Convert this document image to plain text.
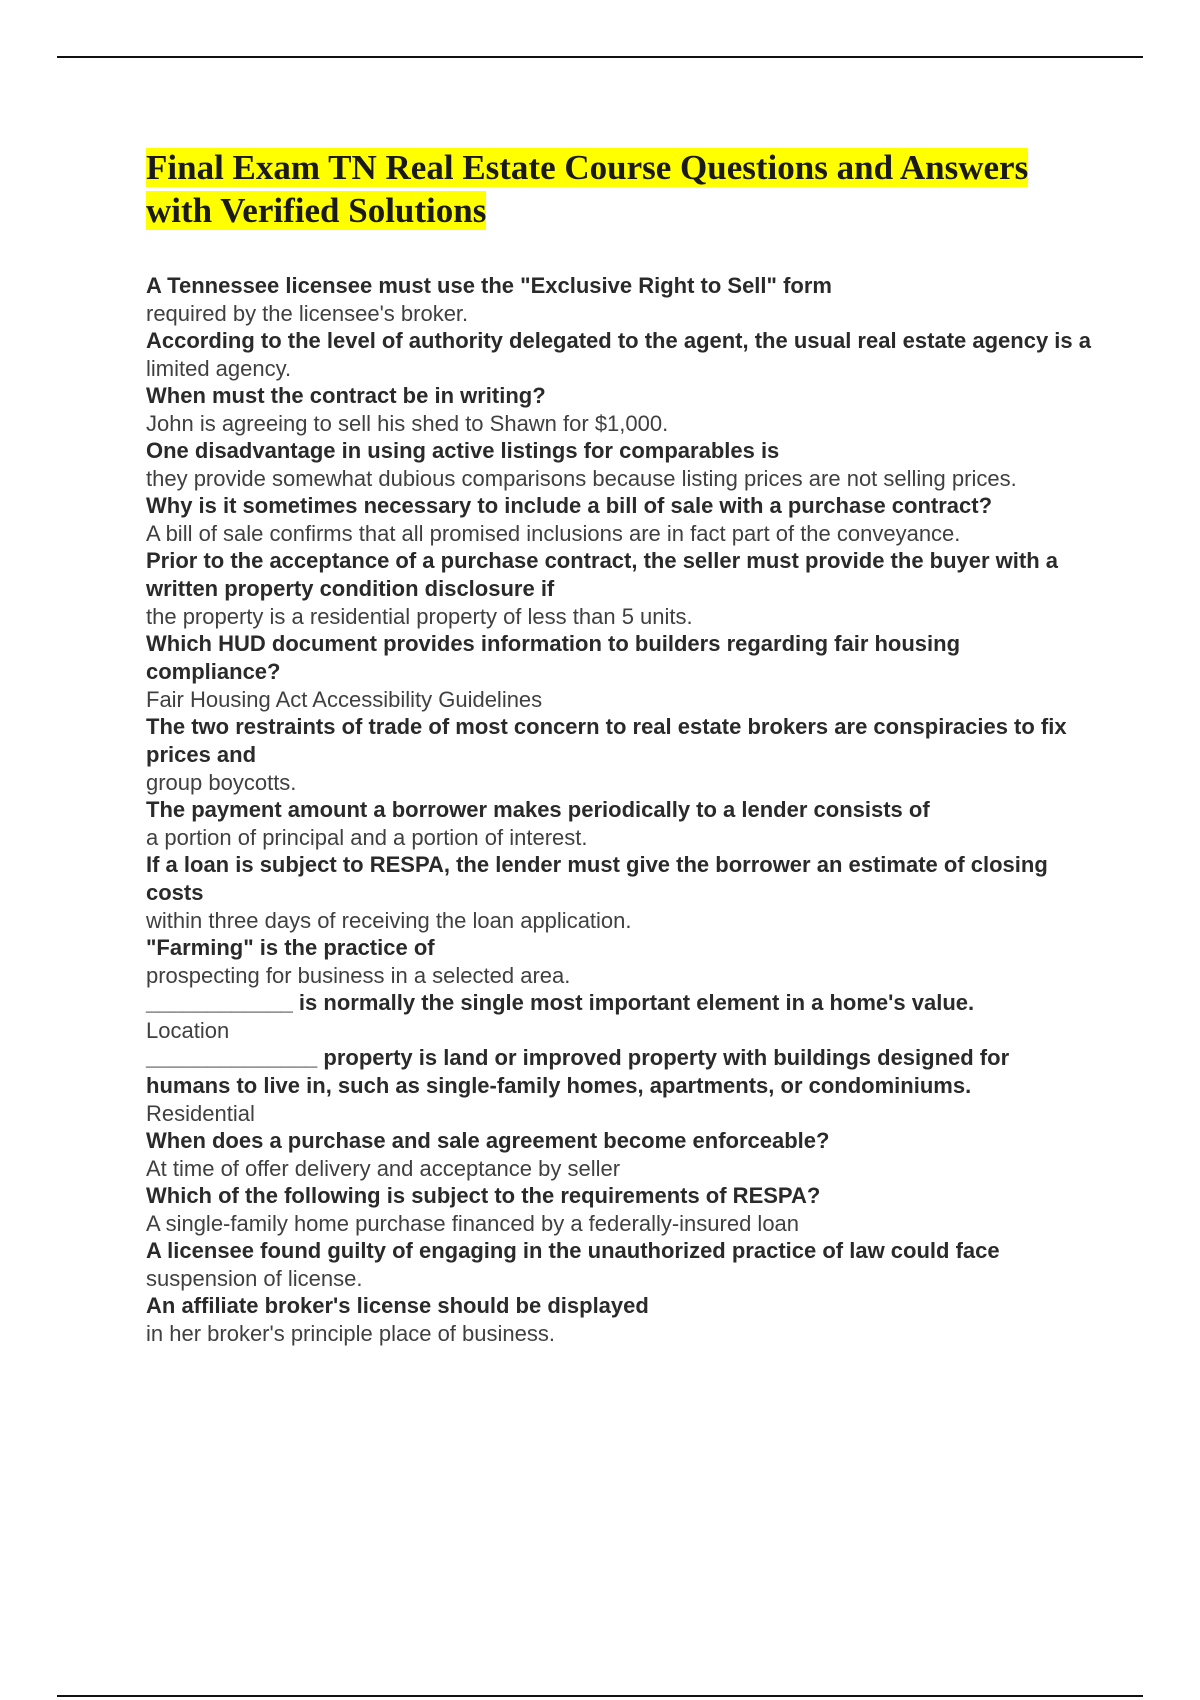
Final Exam TN Real Estate Course Questions and Answers with Verified Solutions
A Tennessee licensee must use the "Exclusive Right to Sell" form
required by the licensee's broker.
According to the level of authority delegated to the agent, the usual real estate agency is a
limited agency.
When must the contract be in writing?
John is agreeing to sell his shed to Shawn for $1,000.
One disadvantage in using active listings for comparables is
they provide somewhat dubious comparisons because listing prices are not selling prices.
Why is it sometimes necessary to include a bill of sale with a purchase contract?
A bill of sale confirms that all promised inclusions are in fact part of the conveyance.
Prior to the acceptance of a purchase contract, the seller must provide the buyer with a written property condition disclosure if
the property is a residential property of less than 5 units.
Which HUD document provides information to builders regarding fair housing compliance?
Fair Housing Act Accessibility Guidelines
The two restraints of trade of most concern to real estate brokers are conspiracies to fix prices and
group boycotts.
The payment amount a borrower makes periodically to a lender consists of
a portion of principal and a portion of interest.
If a loan is subject to RESPA, the lender must give the borrower an estimate of closing costs
within three days of receiving the loan application.
"Farming" is the practice of
prospecting for business in a selected area.
____________ is normally the single most important element in a home's value.
Location
______________ property is land or improved property with buildings designed for humans to live in, such as single-family homes, apartments, or condominiums.
Residential
When does a purchase and sale agreement become enforceable?
At time of offer delivery and acceptance by seller
Which of the following is subject to the requirements of RESPA?
A single-family home purchase financed by a federally-insured loan
A licensee found guilty of engaging in the unauthorized practice of law could face
suspension of license.
An affiliate broker's license should be displayed
in her broker's principle place of business.
